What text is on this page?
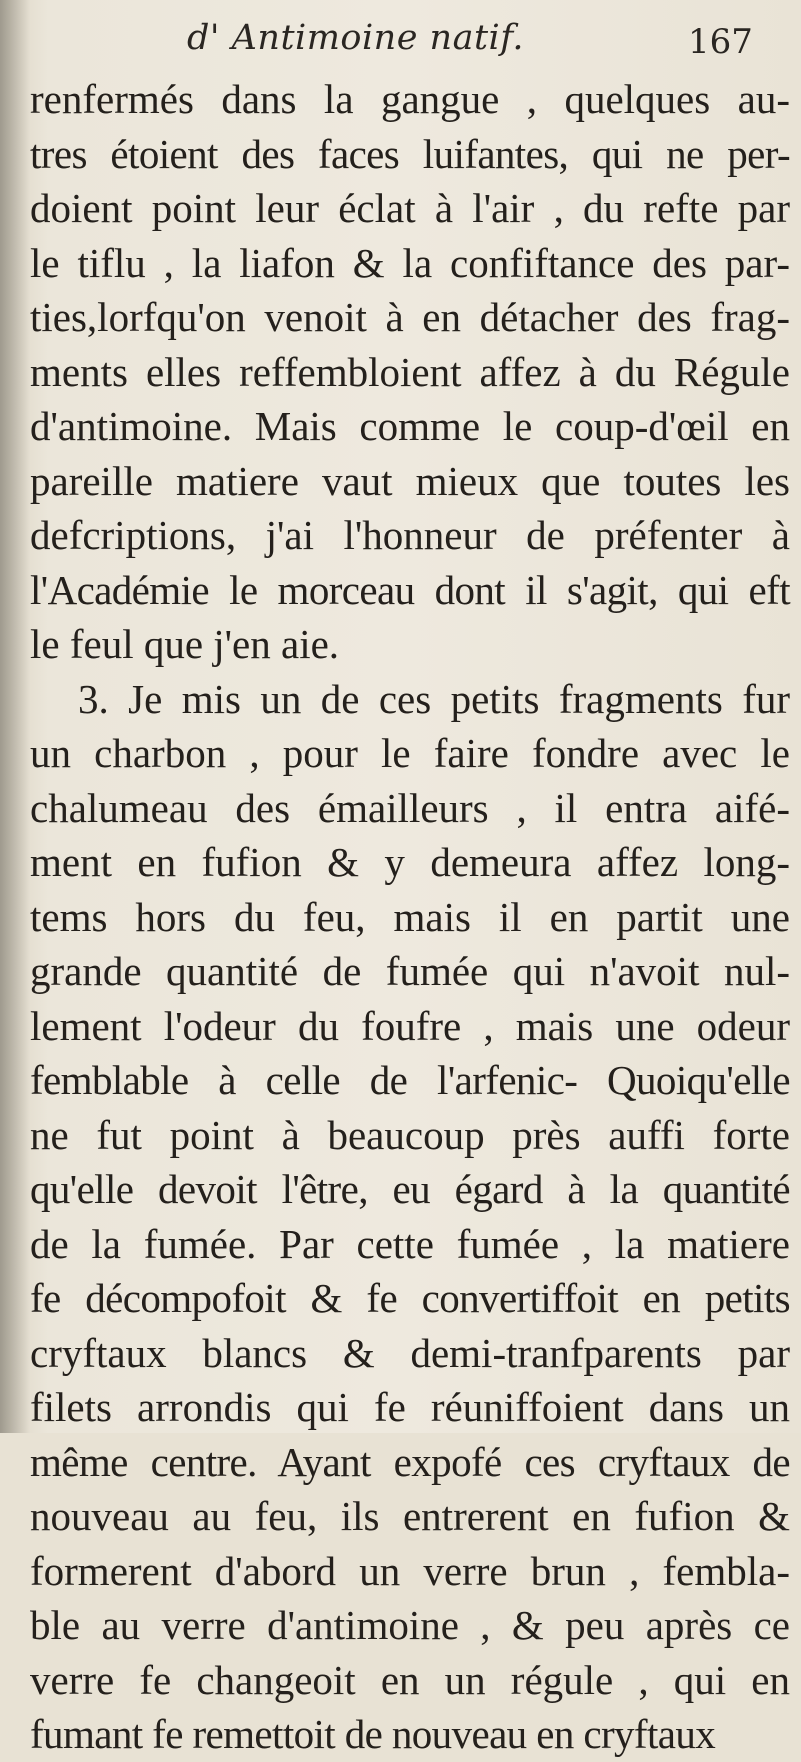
d' Antimoine natif.	167
renfermés dans la gangue , quelques au-
tres étoient des faces luifantes, qui ne per-
doient point leur éclat à l'air , du refte par
le tiflu , la liafon & la confiftance des par-
ties,lorfqu'on venoit à en détacher des frag-
ments elles reffembloient affez à du Régule
d'antimoine. Mais comme le coup-d'œil en
pareille matiere vaut mieux que toutes les
defcriptions, j'ai l'honneur de préfenter à
l'Académie le morceau dont il s'agit, qui eft
le feul que j'en aie.
3. Je mis un de ces petits fragments fur
un charbon , pour le faire fondre avec le
chalumeau des émailleurs , il entra aifé-
ment en fufion & y demeura affez long-
tems hors du feu, mais il en partit une
grande quantité de fumée qui n'avoit nul-
lement l'odeur du foufre , mais une odeur
femblable à celle de l'arfenic- Quoiqu'elle
ne fut point à beaucoup près auffi forte
qu'elle devoit l'être, eu égard à la quantité
de la fumée. Par cette fumée , la matiere
fe décompofoit & fe convertiffoit en petits
cryftaux blancs & demi-tranfparents par
filets arrondis qui fe réuniffoient dans un
même centre. Ayant expofé ces cryftaux de
nouveau au feu, ils entrerent en fufion &
formerent d'abord un verre brun , fembla-
ble au verre d'antimoine , & peu après ce
verre fe changeoit en un régule , qui en
fumant fe remettoit de nouveau en cryftaux
